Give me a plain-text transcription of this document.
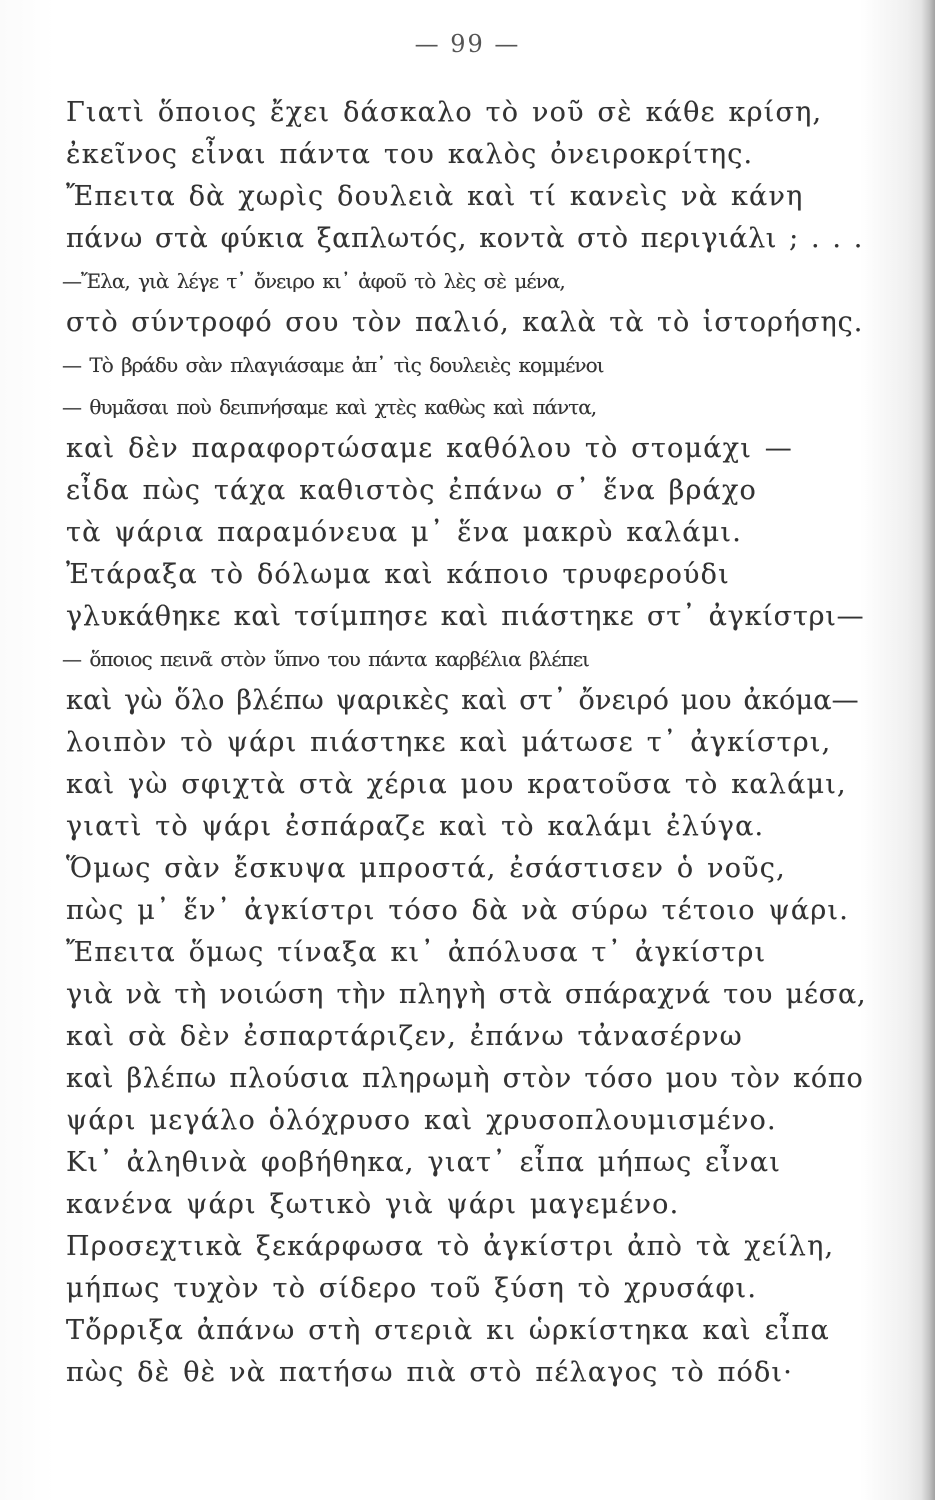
— 99 —
Γιατὶ ὅποιος ἔχει δάσκαλο τὸ νοῦ σὲ κάθε κρίση,
ἐκεῖνος εἶναι πάντα του καλὸς ὀνειροκρίτης.
Ἔπειτα δὰ χωρὶς δουλειὰ καὶ τί κανεὶς νὰ κάνη
πάνω στὰ φύκια ξαπλωτός, κοντὰ στὸ περιγιάλι ; . . .
—Ἔλα, γιὰ λέγε τ᾽ ὄνειρο κι᾽ ἀφοῦ τὸ λὲς σὲ μένα,
στὸ σύντροφό σου τὸν παλιό, καλὰ τὰ τὸ ἱστορήσης.
— Τὸ βράδυ σὰν πλαγιάσαμε ἀπ᾽ τὶς δουλειὲς κομμένοι
— θυμᾶσαι ποὺ δειπνήσαμε καὶ χτὲς καθὼς καὶ πάντα,
καὶ δὲν παραφορτώσαμε καθόλου τὸ στομάχι —
εἶδα πὼς τάχα καθιστὸς ἐπάνω σ᾽ ἕνα βράχο
τὰ ψάρια παραμόνευα μ᾽ ἕνα μακρὺ καλάμι.
Ἐτάραξα τὸ δόλωμα καὶ κάποιο τρυφερούδι
γλυκάθηκε καὶ τσίμπησε καὶ πιάστηκε στ᾽ ἀγκίστρι—
— ὅποιος πεινᾶ στὸν ὕπνο του πάντα καρβέλια βλέπει
καὶ γὼ ὅλο βλέπω ψαρικὲς καὶ στ᾽ ὄνειρό μου ἀκόμα—
λοιπὸν τὸ ψάρι πιάστηκε καὶ μάτωσε τ᾽ ἀγκίστρι,
καὶ γὼ σφιχτὰ στὰ χέρια μου κρατοῦσα τὸ καλάμι,
γιατὶ τὸ ψάρι ἐσπάραζε καὶ τὸ καλάμι ἐλύγα.
Ὅμως σὰν ἔσκυψα μπροστά, ἐσάστισεν ὁ νοῦς,
πὼς μ᾽ ἕν᾽ ἀγκίστρι τόσο δὰ νὰ σύρω τέτοιο ψάρι.
Ἔπειτα ὅμως τίναξα κι᾽ ἀπόλυσα τ᾽ ἀγκίστρι
γιὰ νὰ τὴ νοιώση τὴν πληγὴ στὰ σπάραχνά του μέσα,
καὶ σὰ δὲν ἐσπαρτάριζεν, ἐπάνω τἀνασέρνω
καὶ βλέπω πλούσια πληρωμὴ στὸν τόσο μου τὸν κόπο
ψάρι μεγάλο ὁλόχρυσο καὶ χρυσοπλουμισμένο.
Κι᾽ ἀληθινὰ φοβήθηκα, γιατ᾽ εἶπα μήπως εἶναι
κανένα ψάρι ξωτικὸ γιὰ ψάρι μαγεμένο.
Προσεχτικὰ ξεκάρφωσα τὸ ἀγκίστρι ἀπὸ τὰ χείλη,
μήπως τυχὸν τὸ σίδερο τοῦ ξύση τὸ χρυσάφι.
Τὄρριξα ἀπάνω στὴ στεριὰ κι ὡρκίστηκα καὶ εἶπα
πὼς δὲ θὲ νὰ πατήσω πιὰ στὸ πέλαγος τὸ πόδι·
